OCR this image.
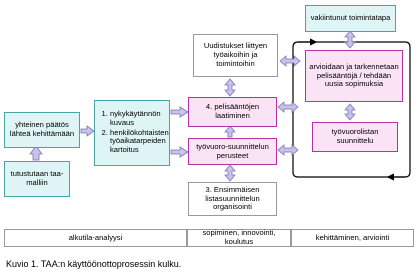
vakiintunut toimintatapa
Uudistukset liittyen työaikoihin ja toimintoihin	arvioidaan ja tarkennetaan pelisääntöjä / tehdään uusia sopimuksia
työvuorolistan suunnittelu
4. pelisääntöjen laatiminen
työvuoro-suunnittelun perusteet
3. Ensimmäisen listasuunnittelun organisointi
yhteinen päätös lähteä kehittämään
tutustutaan taa-malliin
1. nykykäytännön kuvaus
2. henkilökohtaisten työaikatarpeiden kartoitus
alkutila-analyysi	sopiminen, innovointi, koulutus	kehittäminen, arviointi
Kuvio 1. TAA:n käyttöönottoprosessin kulku.
